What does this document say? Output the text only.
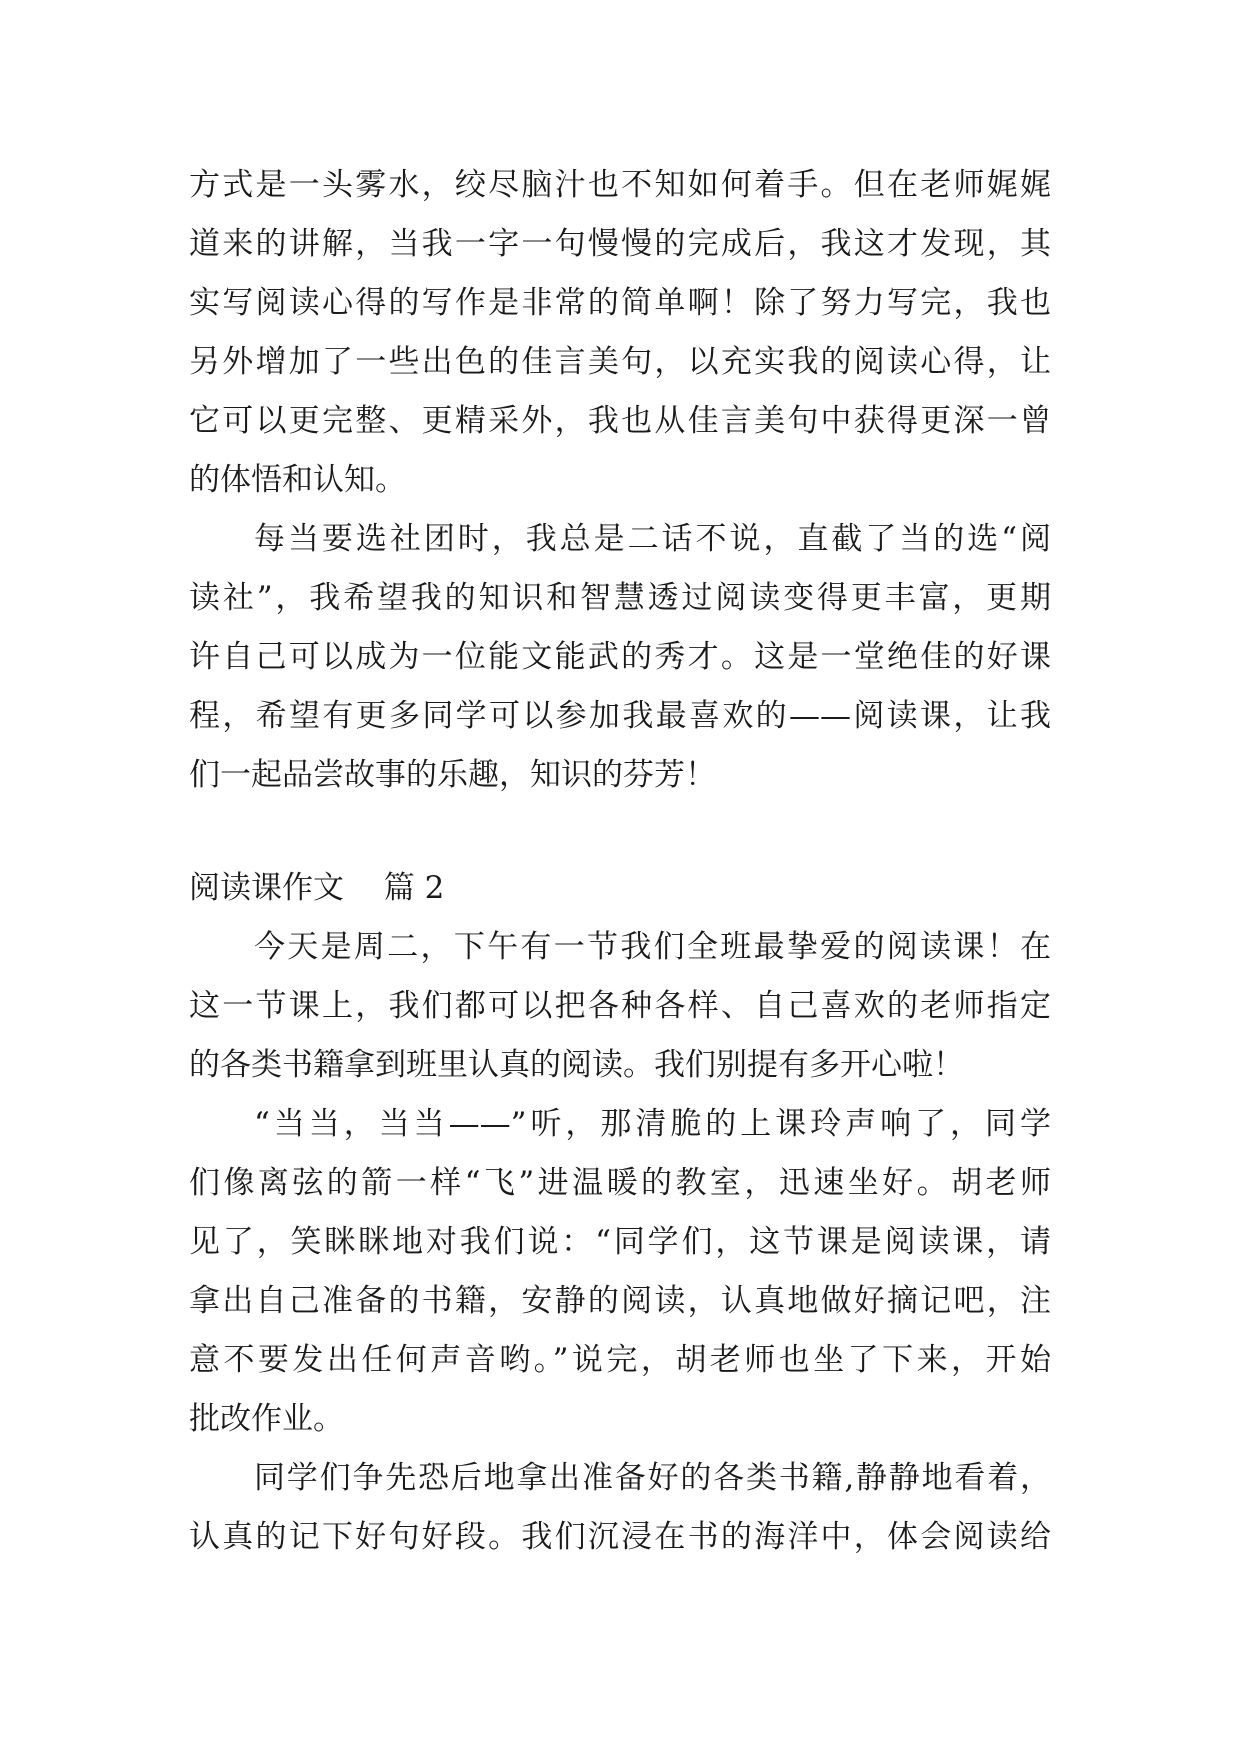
方式是一头雾水，绞尽脑汁也不知如何着手。但在老师娓娓
道来的讲解，当我一字一句慢慢的完成后，我这才发现，其
实写阅读心得的写作是非常的简单啊！除了努力写完，我也
另外增加了一些出色的佳言美句，以充实我的阅读心得，让
它可以更完整、更精采外，我也从佳言美句中获得更深一曾
的体悟和认知。
每当要选社团时，我总是二话不说，直截了当的选“阅
读社”，我希望我的知识和智慧透过阅读变得更丰富，更期
许自己可以成为一位能文能武的秀才。这是一堂绝佳的好课
程，希望有更多同学可以参加我最喜欢的——阅读课，让我
们一起品尝故事的乐趣，知识的芬芳！
阅读课作文 篇 2
今天是周二，下午有一节我们全班最挚爱的阅读课！在
这一节课上，我们都可以把各种各样、自己喜欢的老师指定
的各类书籍拿到班里认真的阅读。我们别提有多开心啦！
“当当，当当——”听，那清脆的上课玲声响了，同学
们像离弦的箭一样“飞”进温暖的教室，迅速坐好。胡老师
见了，笑眯眯地对我们说：“同学们，这节课是阅读课，请
拿出自己准备的书籍，安静的阅读，认真地做好摘记吧，注
意不要发出任何声音哟。”说完，胡老师也坐了下来，开始
批改作业。
同学们争先恐后地拿出准备好的各类书籍,静静地看着，
认真的记下好句好段。我们沉浸在书的海洋中，体会阅读给
